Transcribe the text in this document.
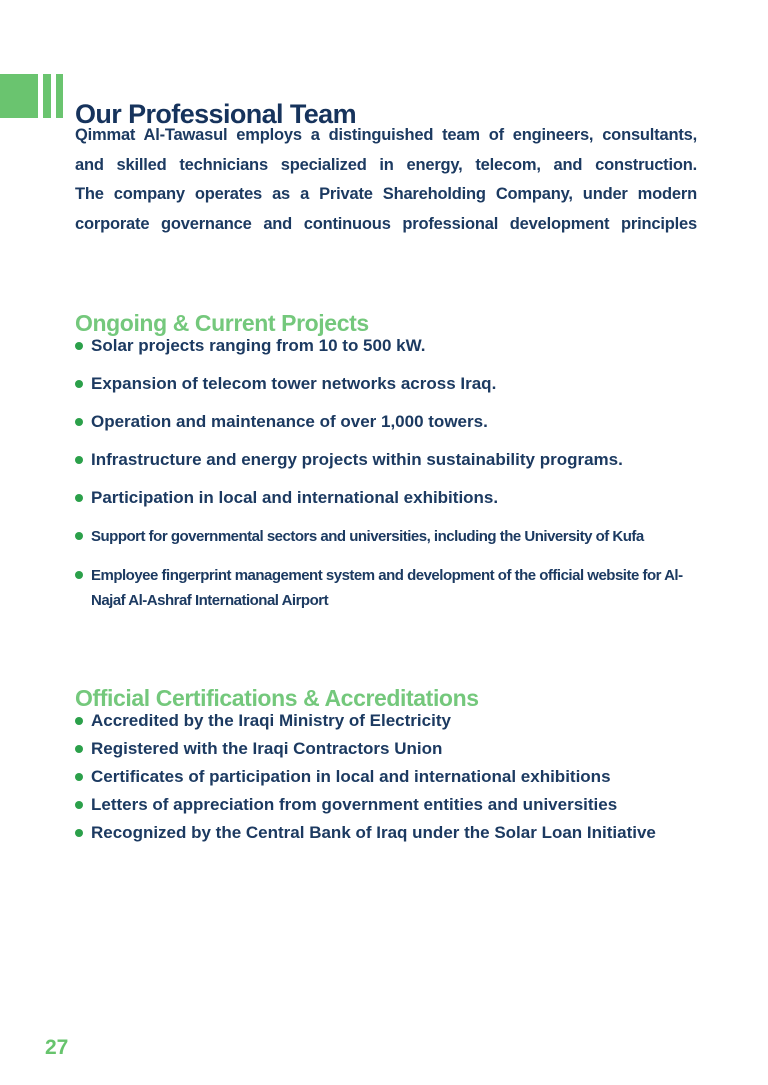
Our Professional Team
Qimmat Al-Tawasul employs a distinguished team of engineers, consultants,
and skilled technicians specialized in energy, telecom, and construction.
The company operates as a Private Shareholding Company, under modern
corporate governance and continuous professional development principles
Ongoing & Current Projects
Solar projects ranging from 10 to 500 kW.
Expansion of telecom tower networks across Iraq.
Operation and maintenance of over 1,000 towers.
Infrastructure and energy projects within sustainability programs.
Participation in local and international exhibitions.
Support for governmental sectors and universities, including the University of Kufa
Employee fingerprint management system and development of the official website for Al-Najaf Al-Ashraf International Airport
Official Certifications & Accreditations
Accredited by the Iraqi Ministry of Electricity
Registered with the Iraqi Contractors Union
Certificates of participation in local and international exhibitions
Letters of appreciation from government entities and universities
Recognized by the Central Bank of Iraq under the Solar Loan Initiative
27
